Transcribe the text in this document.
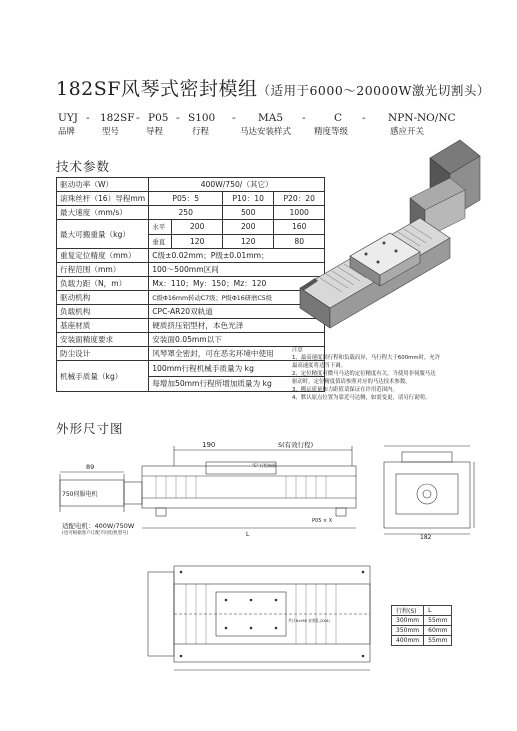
182SF风琴式密封模组（适用于6000～20000W激光切割头）
UYJ - 182SF - P05 - S100 - MA5 -	C - NPN-NO/NC
品牌	型号	导程	行程	马达安装样式	精度等级	感应开关
技术参数
驱动功率（W）	400W/750/（其它）			
滚珠丝杆（16）导程mm	P05：5		P10：10	P20：20
最大速度（mm/s）	250		500	1000
最大可搬重量（kg）	水平	200	200	160
	垂直	120	120	80
重复定位精度（mm）	C级±0.02mm；P级±0.01mm；			
行程范围（mm）	100～500mm区间			
负载力距（N，m）	Mx：110；My：150；Mz：120			
驱动机构	C级Φ16mm转动C7级；P级Φ16研磨C5级			
负载机构	CPC-AR20双轨道			
基座材质	硬质挤压铝型材，本色光泽			
安装面精度要求	安装面0.05mm以下			
防尘设计	风琴罩全密封，可在恶劣环境中使用			
机械手质量（kg）	100mm行程机械手质量为 kg			
	每增加50mm行程所增加质量为 kg			
注意
1、最高速度回行程和负载而异，马行程大于600mm时，允许
最高速度将适当下调。
2、定位精度可微马马达的定位精度有关，当使用非伺服马达
驱动时，定位精度值请参照对应的马达技术参数。
3、搬运质量和力距值请保证在许用范围内。
4、默认原点位置为靠近马达侧，如需变更，请另行说明。
外形尺寸图
190	S(有效行程)
89
750伺服电机
"C" 行程端面
P05 × X
L
适配电机：400W/750W
(也可根据客户订配不同电机型号)
182
共计6×M8 安装孔(2X4)
行程(S)	L
300mm	55mm
350mm	60mm
400mm	55mm
